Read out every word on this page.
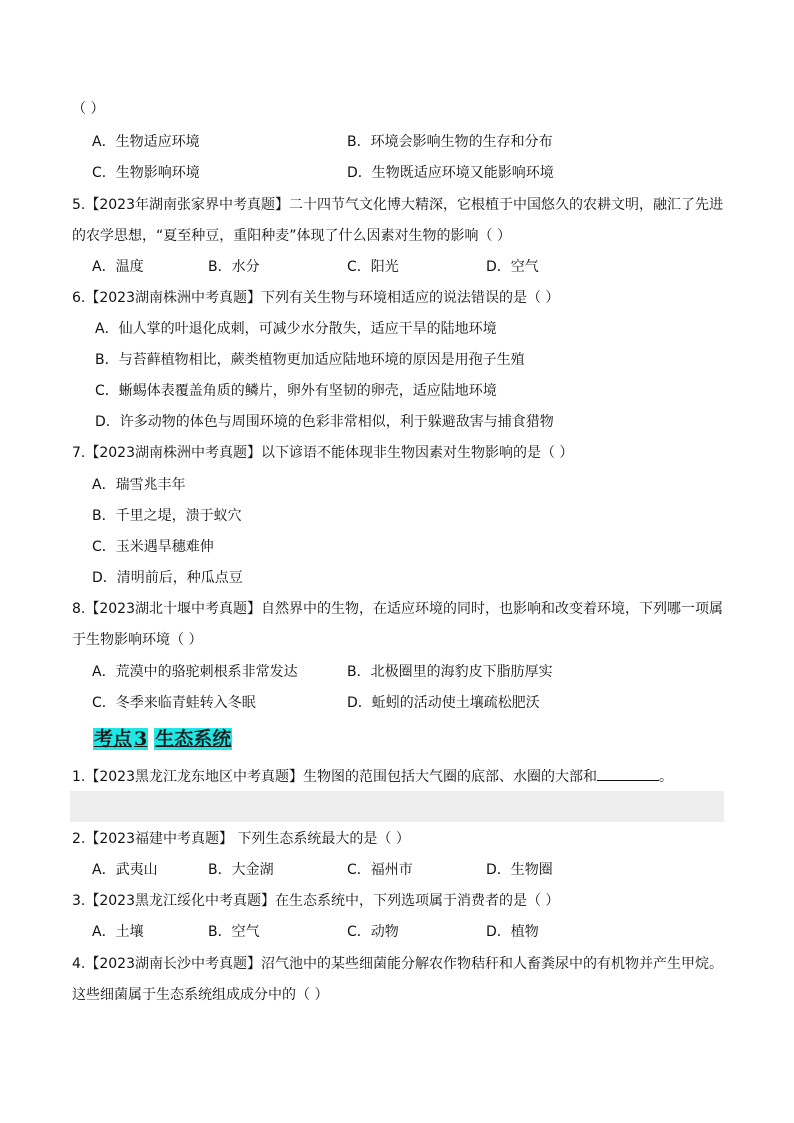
（ ）
A．生物适应环境	B．环境会影响生物的生存和分布
C．生物影响环境	D．生物既适应环境又能影响环境
5.【2023年湖南张家界中考真题】二十四节气文化博大精深，它根植于中国悠久的农耕文明，融汇了先进
的农学思想，“夏至种豆，重阳种麦”体现了什么因素对生物的影响（ ）
A．温度	B．水分	C．阳光	D．空气
6.【2023湖南株洲中考真题】下列有关生物与环境相适应的说法错误的是（ ）
A．仙人掌的叶退化成刺，可减少水分散失，适应干旱的陆地环境
B．与苔藓植物相比，蕨类植物更加适应陆地环境的原因是用孢子生殖
C．蜥蜴体表覆盖角质的鳞片，卵外有坚韧的卵壳，适应陆地环境
D．许多动物的体色与周围环境的色彩非常相似，利于躲避敌害与捕食猎物
7.【2023湖南株洲中考真题】以下谚语不能体现非生物因素对生物影响的是（ ）
A．瑞雪兆丰年
B．千里之堤，溃于蚁穴
C．玉米遇旱穗难伸
D．清明前后，种瓜点豆
8.【2023湖北十堰中考真题】自然界中的生物，在适应环境的同时，也影响和改变着环境，下列哪一项属
于生物影响环境（ ）
A．荒漠中的骆驼刺根系非常发达	B．北极圈里的海豹皮下脂肪厚实
C．冬季来临青蛙转入冬眠	D．蚯蚓的活动使土壤疏松肥沃
考点 3 生态系统
1.【2023黑龙江龙东地区中考真题】生物图的范围包括大气圈的底部、水圈的大部和	。
2.【2023福建中考真题】 下列生态系统最大的是（ ）
A．武夷山	B．大金湖	C．福州市	D．生物圈
3.【2023黑龙江绥化中考真题】在生态系统中，下列选项属于消费者的是（ ）
A．土壤	B．空气	C．动物	D．植物
4.【2023湖南长沙中考真题】沼气池中的某些细菌能分解农作物秸秆和人畜粪尿中的有机物并产生甲烷。
这些细菌属于生态系统组成成分中的（ ）
